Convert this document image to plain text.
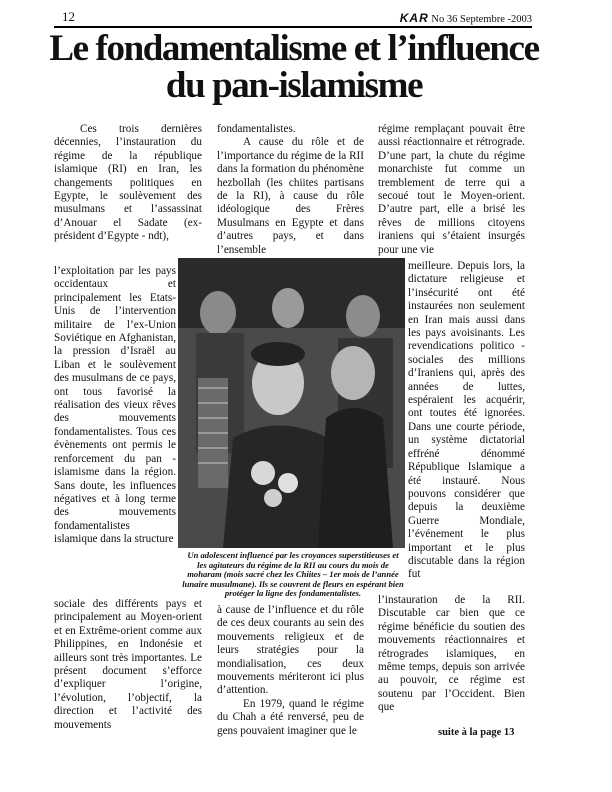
12	KAR No 36 Septembre -2003
Le fondamentalisme et l’influence
du pan-islamisme

Ces trois dernières décennies, l’instauration du régime de la république islamique (RI) en Iran, les changements politiques en Egypte, le soulèvement des musulmans et l’assassinat d’Anouar el Sadate (ex-président d’Egypte - ndt),

l’exploitation par les pays occidentaux et principalement les Etats-Unis de l’intervention militaire de l’ex-Union Soviétique en Afghanistan, la pression d’Israël au Liban et le soulèvement des musulmans de ce pays, ont tous favorisé la réalisation des vieux rêves des mouvements fondamentalistes. Tous ces évènements ont permis le renforcement du pan - islamisme dans la région. Sans doute, les influences négatives et à long terme des mouvements fondamentalistes islamique dans la structure

sociale des différents pays et principalement au Moyen-orient et en Extrême-orient comme aux Philippines, en Indonésie et ailleurs sont très importantes. Le présent document s’efforce d’expliquer l’origine, l’évolution, l’objectif, la direction et l’activité des mouvements

fondamentalistes.

A cause du rôle et de l’importance du régime de la RII dans la formation du phénomène hezbollah (les chiites partisans de la RI), à cause du rôle idéologique des Frères Musulmans en Egypte et dans d’autres pays, et dans l’ensemble

à cause de l’influence et du rôle de ces deux courants au sein des mouvements religieux et de leurs stratégies pour la mondialisation, ces deux mouvements mériteront ici plus d’attention.

En 1979, quand le régime du Chah a été renversé, peu de gens pouvaient imaginer que le

régime remplaçant pouvait être aussi réactionnaire et rétrograde. D’une part, la chute du régime monarchiste fut comme un tremblement de terre qui a secoué tout le Moyen-orient. D’autre part, elle a brisé les rêves de millions citoyens iraniens qui s’étaient insurgés pour une vie

meilleure. Depuis lors, la dictature religieuse et l’insécurité ont été instaurées non seulement en Iran mais aussi dans les pays avoisinants. Les revendications politico - sociales des millions d’Iraniens qui, après des années de luttes, espéraient les acquérir, ont toutes été ignorées. Dans une courte période, un système dictatorial effréné dénommé République Islamique a été instauré. Nous pouvons considérer que depuis la deuxième Guerre Mondiale, l’événement le plus important et le plus discutable dans la région fut

l’instauration de la RII. Discutable car bien que ce régime bénéficie du soutien des mouvements réactionnaires et rétrogrades islamiques, en même temps, depuis son arrivée au pouvoir, ce régime est soutenu par l’Occident. Bien que

Un adolescent influencé par les croyances superstitieuses et les agitateurs du régime de la RII au cours du mois de moharam (mois sacré chez les Chiites – 1er mois de l’année lunaire musulmane). Ils se couvrent de fleurs en espérant bien protéger la ligne des fondamentalistes.
suite à la page 13
